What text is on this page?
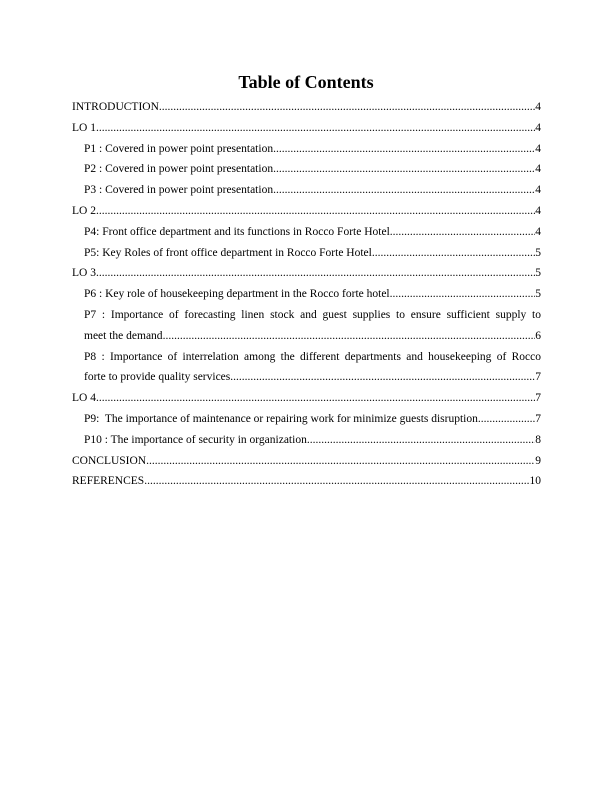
Table of Contents
INTRODUCTION .....	4
LO 1 .....	4
P1 : Covered in power point presentation .....	4
P2 : Covered in power point presentation .....	4
P3 : Covered in power point presentation .....	4
LO 2 .....	4
P4: Front office department and its functions in Rocco Forte Hotel .....	4
P5: Key Roles of front office department in Rocco Forte Hotel .....	5
LO 3 .....	5
P6 : Key role of housekeeping department in the Rocco forte hotel .....	5
P7 : Importance of forecasting linen stock and guest supplies to ensure sufficient supply to
meet the demand .....	6
P8 : Importance of interrelation among the different departments and housekeeping of Rocco
forte to provide quality services .....	7
LO 4 .....	7
P9:  The importance of maintenance or repairing work for minimize guests disruption .....	7
P10 : The importance of security in organization .....	8
CONCLUSION .....	9
REFERENCES .....	10
